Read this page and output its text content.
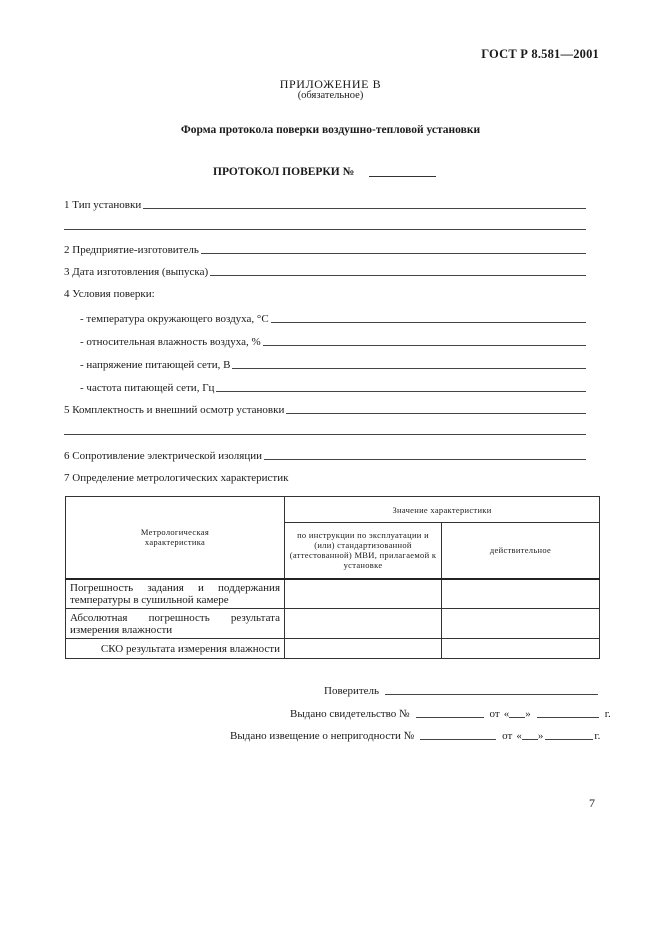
ГОСТ Р 8.581—2001
ПРИЛОЖЕНИЕ В
(обязательное)
Форма протокола поверки воздушно-тепловой установки
ПРОТОКОЛ ПОВЕРКИ №
1 Тип установки
2 Предприятие-изготовитель
3 Дата изготовления (выпуска)
4 Условия поверки:
- температура окружающего воздуха, °С
- относительная влажность воздуха, %
- напряжение питающей сети, В
- частота питающей сети, Гц
5 Комплектность и внешний осмотр установки
6 Сопротивление электрической изоляции
7 Определение метрологических характеристик
Метрологическая характеристика	Значение характеристики	
	по инструкции по эксплуатации и (или) стандартизованной (аттестованной) МВИ, прилагаемой к установке	действительное
Погрешность задания и поддержания температуры в сушильной камере		
Абсолютная погрешность результата измерения влажности		
СКО результата измерения влажности		
Поверитель
Выдано свидетельство №	от « »	г.
Выдано извещение о непригодности №	от « »	г.
7
